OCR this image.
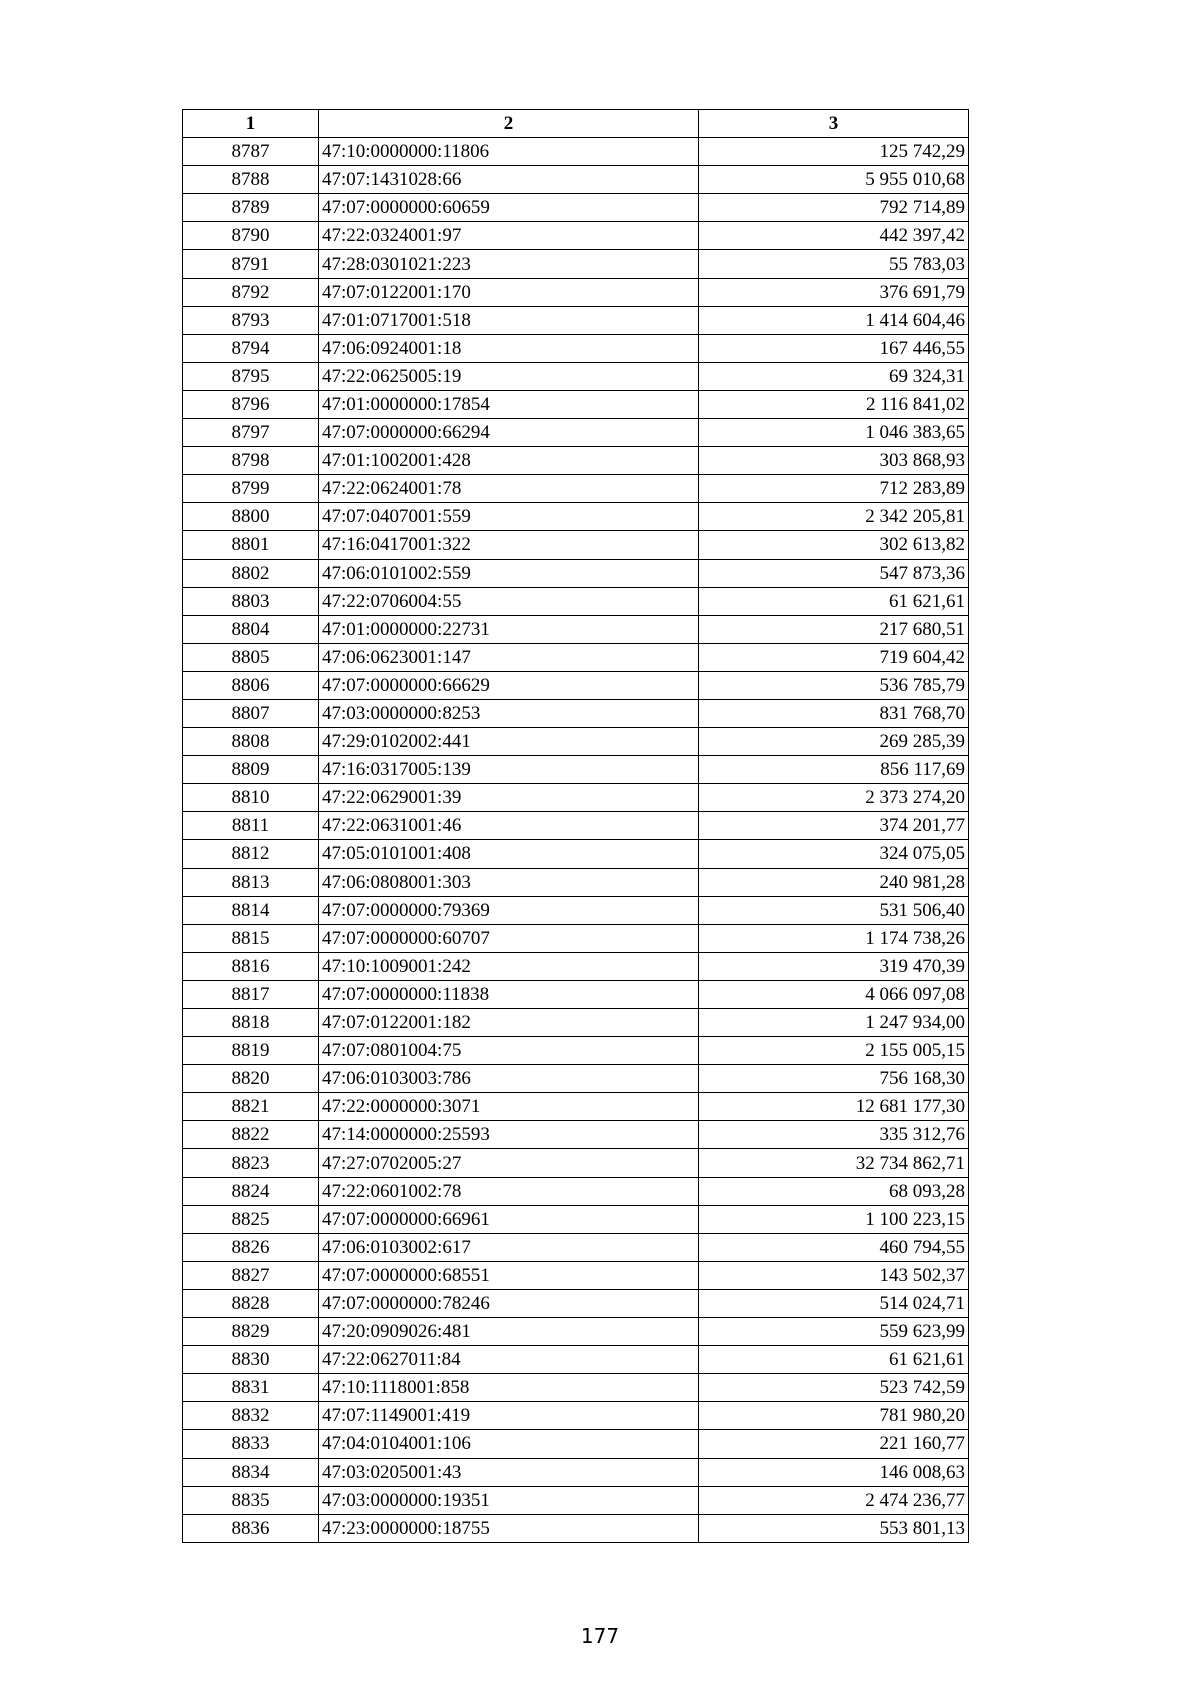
1	2	3
8787	47:10:0000000:11806	125 742,29
8788	47:07:1431028:66	5 955 010,68
8789	47:07:0000000:60659	792 714,89
8790	47:22:0324001:97	442 397,42
8791	47:28:0301021:223	55 783,03
8792	47:07:0122001:170	376 691,79
8793	47:01:0717001:518	1 414 604,46
8794	47:06:0924001:18	167 446,55
8795	47:22:0625005:19	69 324,31
8796	47:01:0000000:17854	2 116 841,02
8797	47:07:0000000:66294	1 046 383,65
8798	47:01:1002001:428	303 868,93
8799	47:22:0624001:78	712 283,89
8800	47:07:0407001:559	2 342 205,81
8801	47:16:0417001:322	302 613,82
8802	47:06:0101002:559	547 873,36
8803	47:22:0706004:55	61 621,61
8804	47:01:0000000:22731	217 680,51
8805	47:06:0623001:147	719 604,42
8806	47:07:0000000:66629	536 785,79
8807	47:03:0000000:8253	831 768,70
8808	47:29:0102002:441	269 285,39
8809	47:16:0317005:139	856 117,69
8810	47:22:0629001:39	2 373 274,20
8811	47:22:0631001:46	374 201,77
8812	47:05:0101001:408	324 075,05
8813	47:06:0808001:303	240 981,28
8814	47:07:0000000:79369	531 506,40
8815	47:07:0000000:60707	1 174 738,26
8816	47:10:1009001:242	319 470,39
8817	47:07:0000000:11838	4 066 097,08
8818	47:07:0122001:182	1 247 934,00
8819	47:07:0801004:75	2 155 005,15
8820	47:06:0103003:786	756 168,30
8821	47:22:0000000:3071	12 681 177,30
8822	47:14:0000000:25593	335 312,76
8823	47:27:0702005:27	32 734 862,71
8824	47:22:0601002:78	68 093,28
8825	47:07:0000000:66961	1 100 223,15
8826	47:06:0103002:617	460 794,55
8827	47:07:0000000:68551	143 502,37
8828	47:07:0000000:78246	514 024,71
8829	47:20:0909026:481	559 623,99
8830	47:22:0627011:84	61 621,61
8831	47:10:1118001:858	523 742,59
8832	47:07:1149001:419	781 980,20
8833	47:04:0104001:106	221 160,77
8834	47:03:0205001:43	146 008,63
8835	47:03:0000000:19351	2 474 236,77
8836	47:23:0000000:18755	553 801,13
177
